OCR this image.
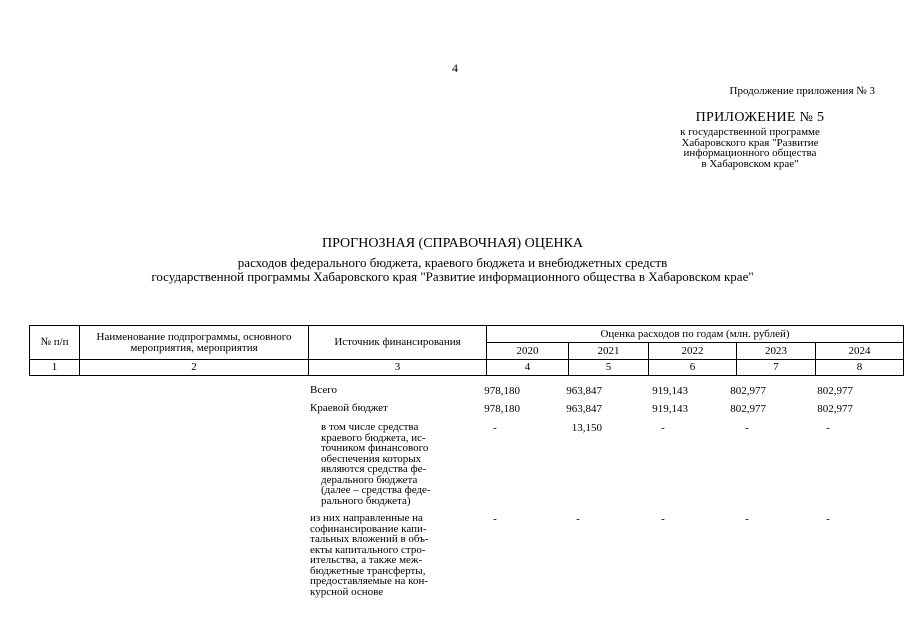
4
Продолжение приложения № 3
ПРИЛОЖЕНИЕ № 5
к государственной программе
Хабаровского края "Развитие
информационного общества
в Хабаровском крае"
ПРОГНОЗНАЯ (СПРАВОЧНАЯ) ОЦЕНКА
расходов федерального бюджета, краевого бюджета и внебюджетных средств
государственной программы Хабаровского края "Развитие информационного общества в Хабаровском крае"
№ п/п	Наименование подпрограммы, основного мероприятия, мероприятия	Источник финансирования	Оценка расходов по годам (млн. рублей)				
			2020	2021	2022	2023	2024
1	2	3	4	5	6	7	8
Всего	978,180	963,847	919,143	802,977	802,977
Краевой бюджет	978,180	963,847	919,143	802,977	802,977
в том числе средства
краевого бюджета, ис-
точником финансового
обеспечения которых
являются средства фе-
дерального бюджета
(далее – средства феде-
рального бюджета)
-	13,150	-	-	-
из них направленные на
софинансирование капи-
тальных вложений в объ-
екты капитального стро-
ительства, а также меж-
бюджетные трансферты,
предоставляемые на кон-
курсной основе
-	-	-	-	-
